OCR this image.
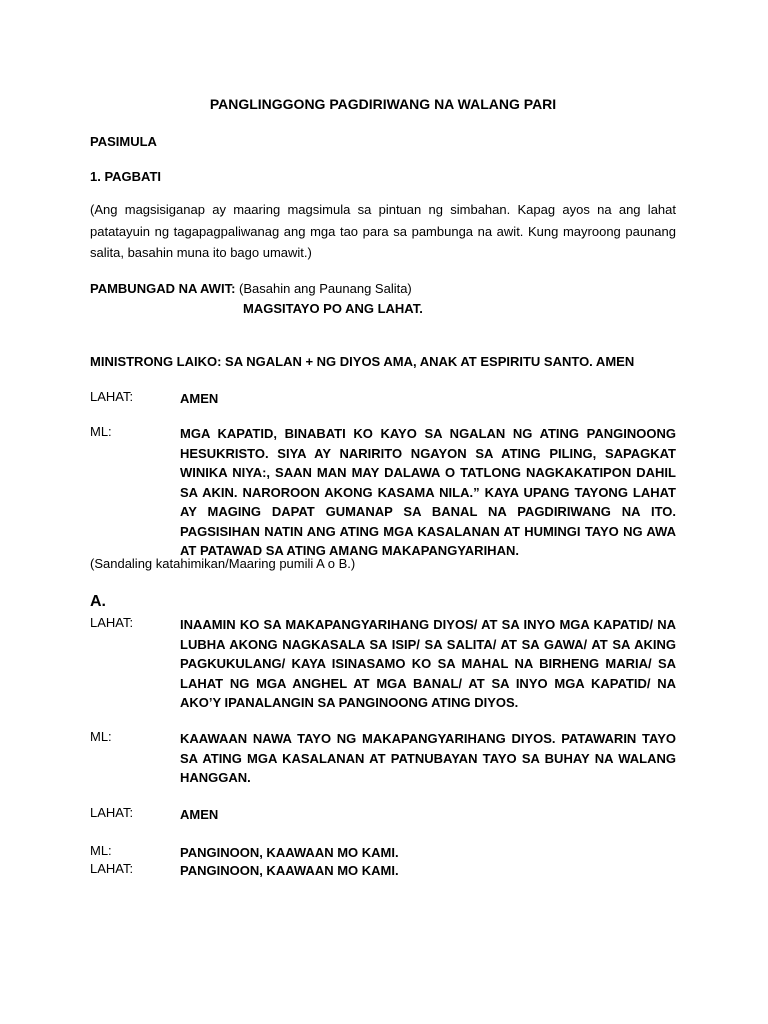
PANGLINGGONG PAGDIRIWANG NA WALANG PARI
PASIMULA
1. PAGBATI
(Ang magsisiganap ay maaring magsimula sa pintuan ng simbahan. Kapag ayos na ang lahat patatayuin ng tagapagpaliwanag ang mga tao para sa pambunga na awit. Kung mayroong paunang salita, basahin muna ito bago umawit.)
PAMBUNGAD NA AWIT: (Basahin ang Paunang Salita)
MAGSITAYO PO ANG LAHAT.
MINISTRONG LAIKO: SA NGALAN + NG DIYOS AMA, ANAK AT ESPIRITU SANTO. AMEN
LAHAT:	AMEN
ML:	MGA KAPATID, BINABATI KO KAYO SA NGALAN NG ATING PANGINOONG HESUKRISTO. SIYA AY NARIRITO NGAYON SA ATING PILING, SAPAGKAT WINIKA NIYA:, SAAN MAN MAY DALAWA O TATLONG NAGKAKATIPON DAHIL SA AKIN. NAROROON AKONG KASAMA NILA.” KAYA UPANG TAYONG LAHAT AY MAGING DAPAT GUMANAP SA BANAL NA PAGDIRIWANG NA ITO. PAGSISIHAN NATIN ANG ATING MGA KASALANAN AT HUMINGI TAYO NG AWA AT PATAWAD SA ATING AMANG MAKAPANGYARIHAN.
(Sandaling katahimikan/Maaring pumili A o B.)
A.
LAHAT:	INAAMIN KO SA MAKAPANGYARIHANG DIYOS/ AT SA INYO MGA KAPATID/ NA LUBHA AKONG NAGKASALA SA ISIP/ SA SALITA/ AT SA GAWA/ AT SA AKING PAGKUKULANG/ KAYA ISINASAMO KO SA MAHAL NA BIRHENG MARIA/ SA LAHAT NG MGA ANGHEL AT MGA BANAL/ AT SA INYO MGA KAPATID/ NA AKO’Y IPANALANGIN SA PANGINOONG ATING DIYOS.
ML:	KAAWAAN NAWA TAYO NG MAKAPANGYARIHANG DIYOS. PATAWARIN TAYO SA ATING MGA KASALANAN AT PATNUBAYAN TAYO SA BUHAY NA WALANG HANGGAN.
LAHAT:	AMEN
ML:	PANGINOON, KAAWAAN MO KAMI.
LAHAT:	PANGINOON, KAAWAAN MO KAMI.
